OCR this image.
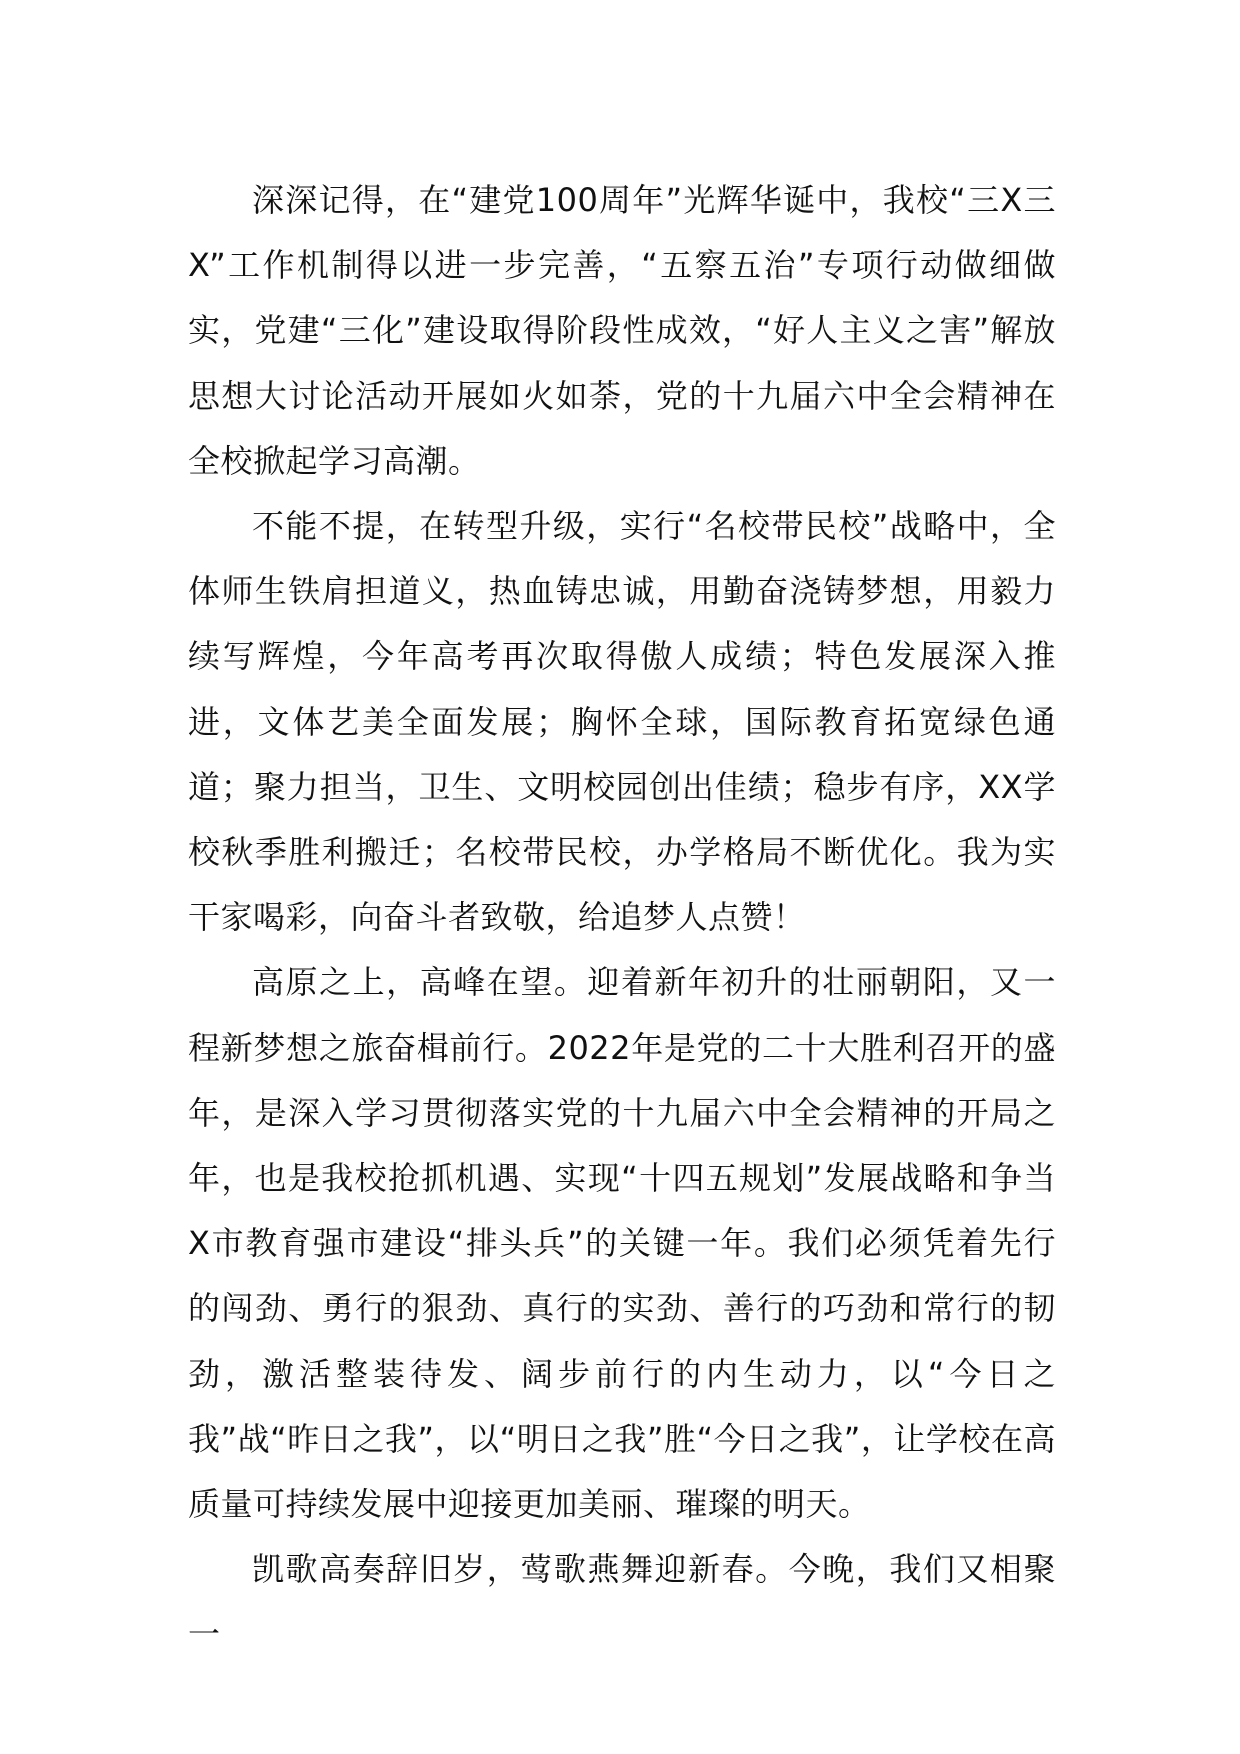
深深记得，在“建党100周年”光辉华诞中，我校“三X三X”工作机制得以进一步完善，“五察五治”专项行动做细做实，党建“三化”建设取得阶段性成效，“好人主义之害”解放思想大讨论活动开展如火如荼，党的十九届六中全会精神在全校掀起学习高潮。

不能不提，在转型升级，实行“名校带民校”战略中，全体师生铁肩担道义，热血铸忠诚，用勤奋浇铸梦想，用毅力续写辉煌，今年高考再次取得傲人成绩；特色发展深入推进，文体艺美全面发展；胸怀全球，国际教育拓宽绿色通道；聚力担当，卫生、文明校园创出佳绩；稳步有序，XX学校秋季胜利搬迁；名校带民校，办学格局不断优化。我为实干家喝彩，向奋斗者致敬，给追梦人点赞！

高原之上，高峰在望。迎着新年初升的壮丽朝阳，又一程新梦想之旅奋楫前行。2022年是党的二十大胜利召开的盛年，是深入学习贯彻落实党的十九届六中全会精神的开局之年，也是我校抢抓机遇、实现“十四五规划”发展战略和争当X市教育强市建设“排头兵”的关键一年。我们必须凭着先行的闯劲、勇行的狠劲、真行的实劲、善行的巧劲和常行的韧劲，激活整装待发、阔步前行的内生动力，以“今日之我”战“昨日之我”，以“明日之我”胜“今日之我”，让学校在高质量可持续发展中迎接更加美丽、璀璨的明天。

凯歌高奏辞旧岁，莺歌燕舞迎新春。今晚，我们又相聚一
